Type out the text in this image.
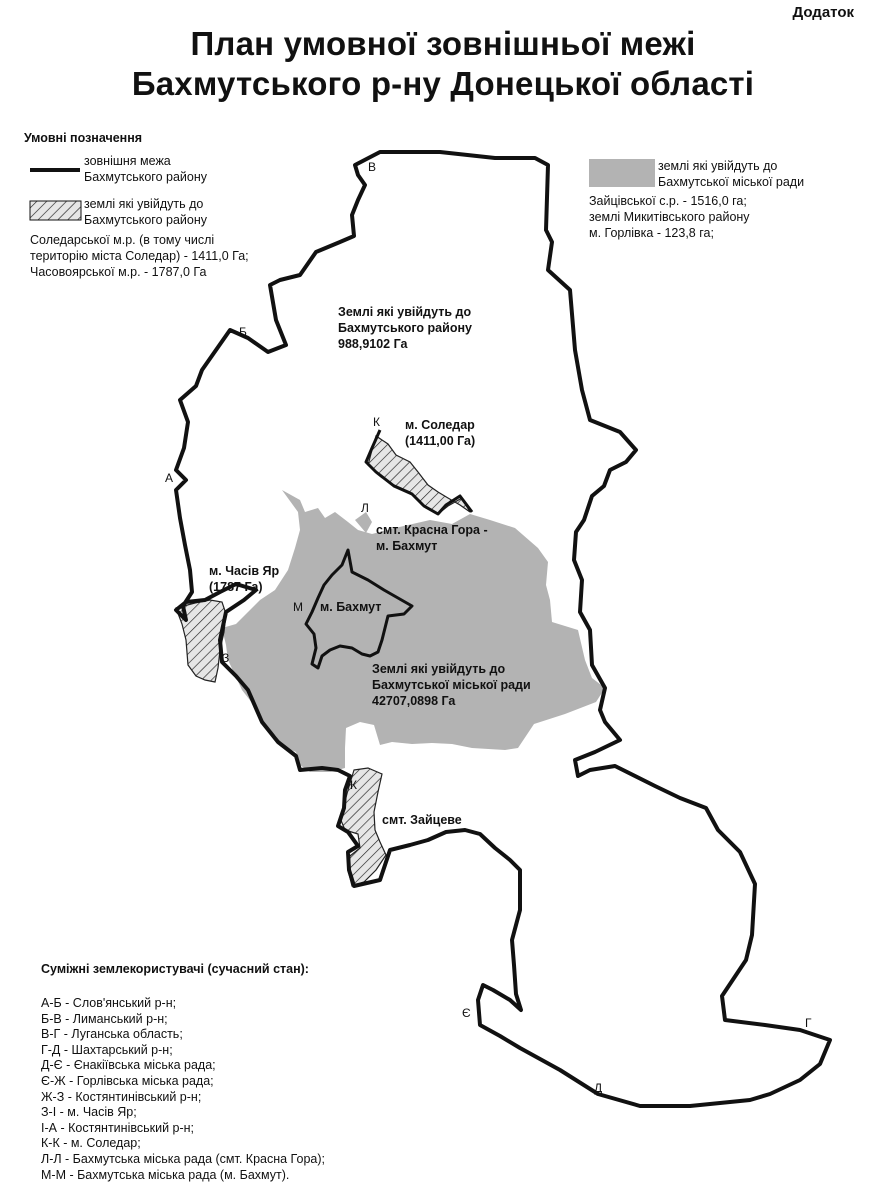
Додаток
План умовної зовнішньої межі
Бахмутського р-ну Донецької області
Умовні позначення
зовнішня межа
Бахмутського району
землі які увійдуть до
Бахмутського району
Соледарської м.р. (в тому числі
територію міста Соледар) - 1411,0 Га;
Часовоярської м.р. - 1787,0 Га
землі які увійдуть до
Бахмутської міської ради
Зайцівської с.р. - 1516,0 га;
землі Микитівського району
м. Горлівка - 123,8 га;
Землі які увійдуть до
Бахмутського району
988,9102 Га
м. Соледар
(1411,00 Га)
смт. Красна Гора -
м. Бахмут
м. Часів Яр
(1787 Га)
м. Бахмут
Землі які увійдуть до
Бахмутської міської ради
42707,0898 Га
смт. Зайцеве
А
Б
В
Г
Д
Є
Ж
З
К
Л
М
Суміжні землекористувачі (сучасний стан):
А-Б - Слов'янський р-н;
Б-В - Лиманський р-н;
В-Г - Луганська область;
Г-Д - Шахтарський р-н;
Д-Є - Єнакіївська міська рада;
Є-Ж - Горлівська міська рада;
Ж-З - Костянтинівський р-н;
З-І - м. Часів Яр;
І-А - Костянтинівський р-н;
К-К - м. Соледар;
Л-Л - Бахмутська міська рада (смт. Красна Гора);
М-М - Бахмутська міська рада (м. Бахмут).
